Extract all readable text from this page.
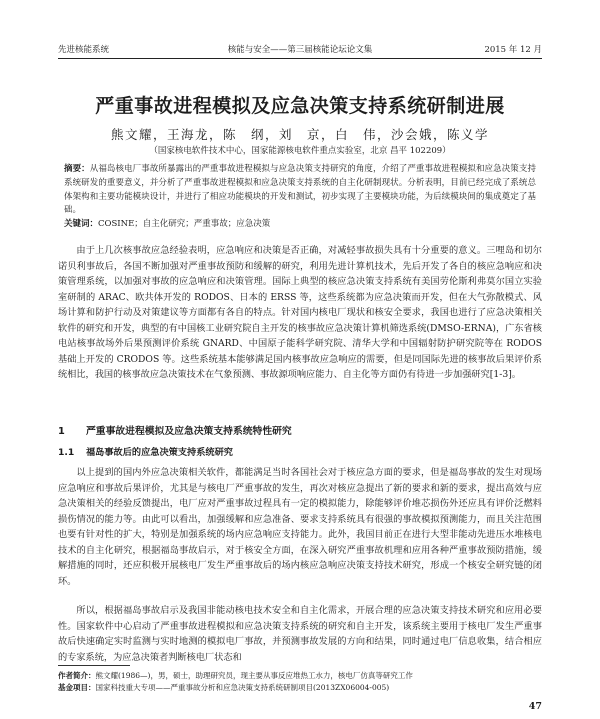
先进核能系统	核能与安全——第三届核能论坛论文集	2015 年 12 月
严重事故进程模拟及应急决策支持系统研制进展
熊文耀，王海龙，陈　纲，刘　京，白　伟，沙会娥，陈义学
（国家核电软件技术中心，国家能源核电软件重点实验室，北京 昌平 102209）
摘要：从福岛核电厂事故所暴露出的严重事故进程模拟与应急决策支持研究的角度，介绍了严重事故进程模拟和应急决策支持系统研发的重要意义，并分析了严重事故进程模拟和应急决策支持系统的自主化研制现状。分析表明，目前已经完成了系统总体架构和主要功能模块设计，并进行了相应功能模块的开发和测试，初步实现了主要模块功能，为后续模块间的集成奠定了基础。
关键词：COSINE；自主化研究；严重事故；应急决策

由于上几次核事故应急经验表明，应急响应和决策是否正确，对减轻事故损失具有十分重要的意义。三哩岛和切尔诺贝利事故后，各国不断加强对严重事故预防和缓解的研究，利用先进计算机技术，先后开发了各自的核应急响应和决策管理系统，以加强对事故的应急响应和决策管理。国际上典型的核应急决策支持系统有美国劳伦斯利弗莫尔国立实验室研制的 ARAC、欧共体开发的 RODOS、日本的 ERSS 等，这些系统都为应急决策而开发，但在大气弥散模式、风场计算和防护行动及对策建议等方面都有各自的特点。针对国内核电厂现状和核安全要求，我国也进行了应急决策相关软件的研究和开发，典型的有中国核工业研究院自主开发的核事故应急决策计算机筛选系统(DMSO-ERNA)，广东省核电站核事故场外后果预测评价系统 GNARD、中国原子能科学研究院、清华大学和中国辐射防护研究院等在 RODOS 基础上开发的 CRODOS 等。这些系统基本能够满足国内核事故应急响应的需要，但是同国际先进的核事故后果评价系统相比，我国的核事故应急决策技术在气象预测、事故源项响应能力、自主化等方面仍有待进一步加强研究[1-3]。

1 严重事故进程模拟及应急决策支持系统特性研究
1.1 福岛事故后的应急决策支持系统研究

以上提到的国内外应急决策相关软件，都能满足当时各国社会对于核应急方面的要求，但是福岛事故的发生对现场应急响应和事故后果评价，尤其是与核电厂严重事故的发生，再次对核应急提出了新的要求和新的要求，提出高效与应急决策相关的经验反馈提出，电厂应对严重事故过程具有一定的模拟能力，除能够评价堆芯损伤外还应具有评价泛燃料损伤情况的能力等。由此可以看出，加强缓解和应急准备、要求支持系统具有很强的事故模拟预测能力，而且关注范围也要有针对性的扩大，特别是加强系统的场内应急响应支持能力。此外，我国目前正在进行大型非能动先进压水堆核电技术的自主化研究，根据福岛事故启示，对于核安全方面，在深入研究严重事故机理和应用各种严重事故预防措施，缓解措施的同时，还应积极开展核电厂发生严重事故后的场内核应急响应决策支持技术研究，形成一个核安全研究链的闭环。

所以，根据福岛事故启示及我国非能动核电技术安全和自主化需求，开展合理的应急决策支持技术研究和应用必要性。国家软件中心启动了严重事故进程模拟和应急决策支持系统的研究和自主开发，该系统主要用于核电厂发生严重事故后快速确定实时监测与实时地测的模拟电厂事故，并预测事故发展的方向和结果，同时通过电厂信息收集，结合相应的专家系统，为应急决策者判断核电厂状态和

作者简介：熊文耀(1986—)，男，硕士，助理研究员，现主要从事反应堆热工水力，核电厂仿真等研究工作
基金项目：国家科技重大专项——严重事故分析和应急决策支持系统研制项目(2013ZX06004-005)
47
